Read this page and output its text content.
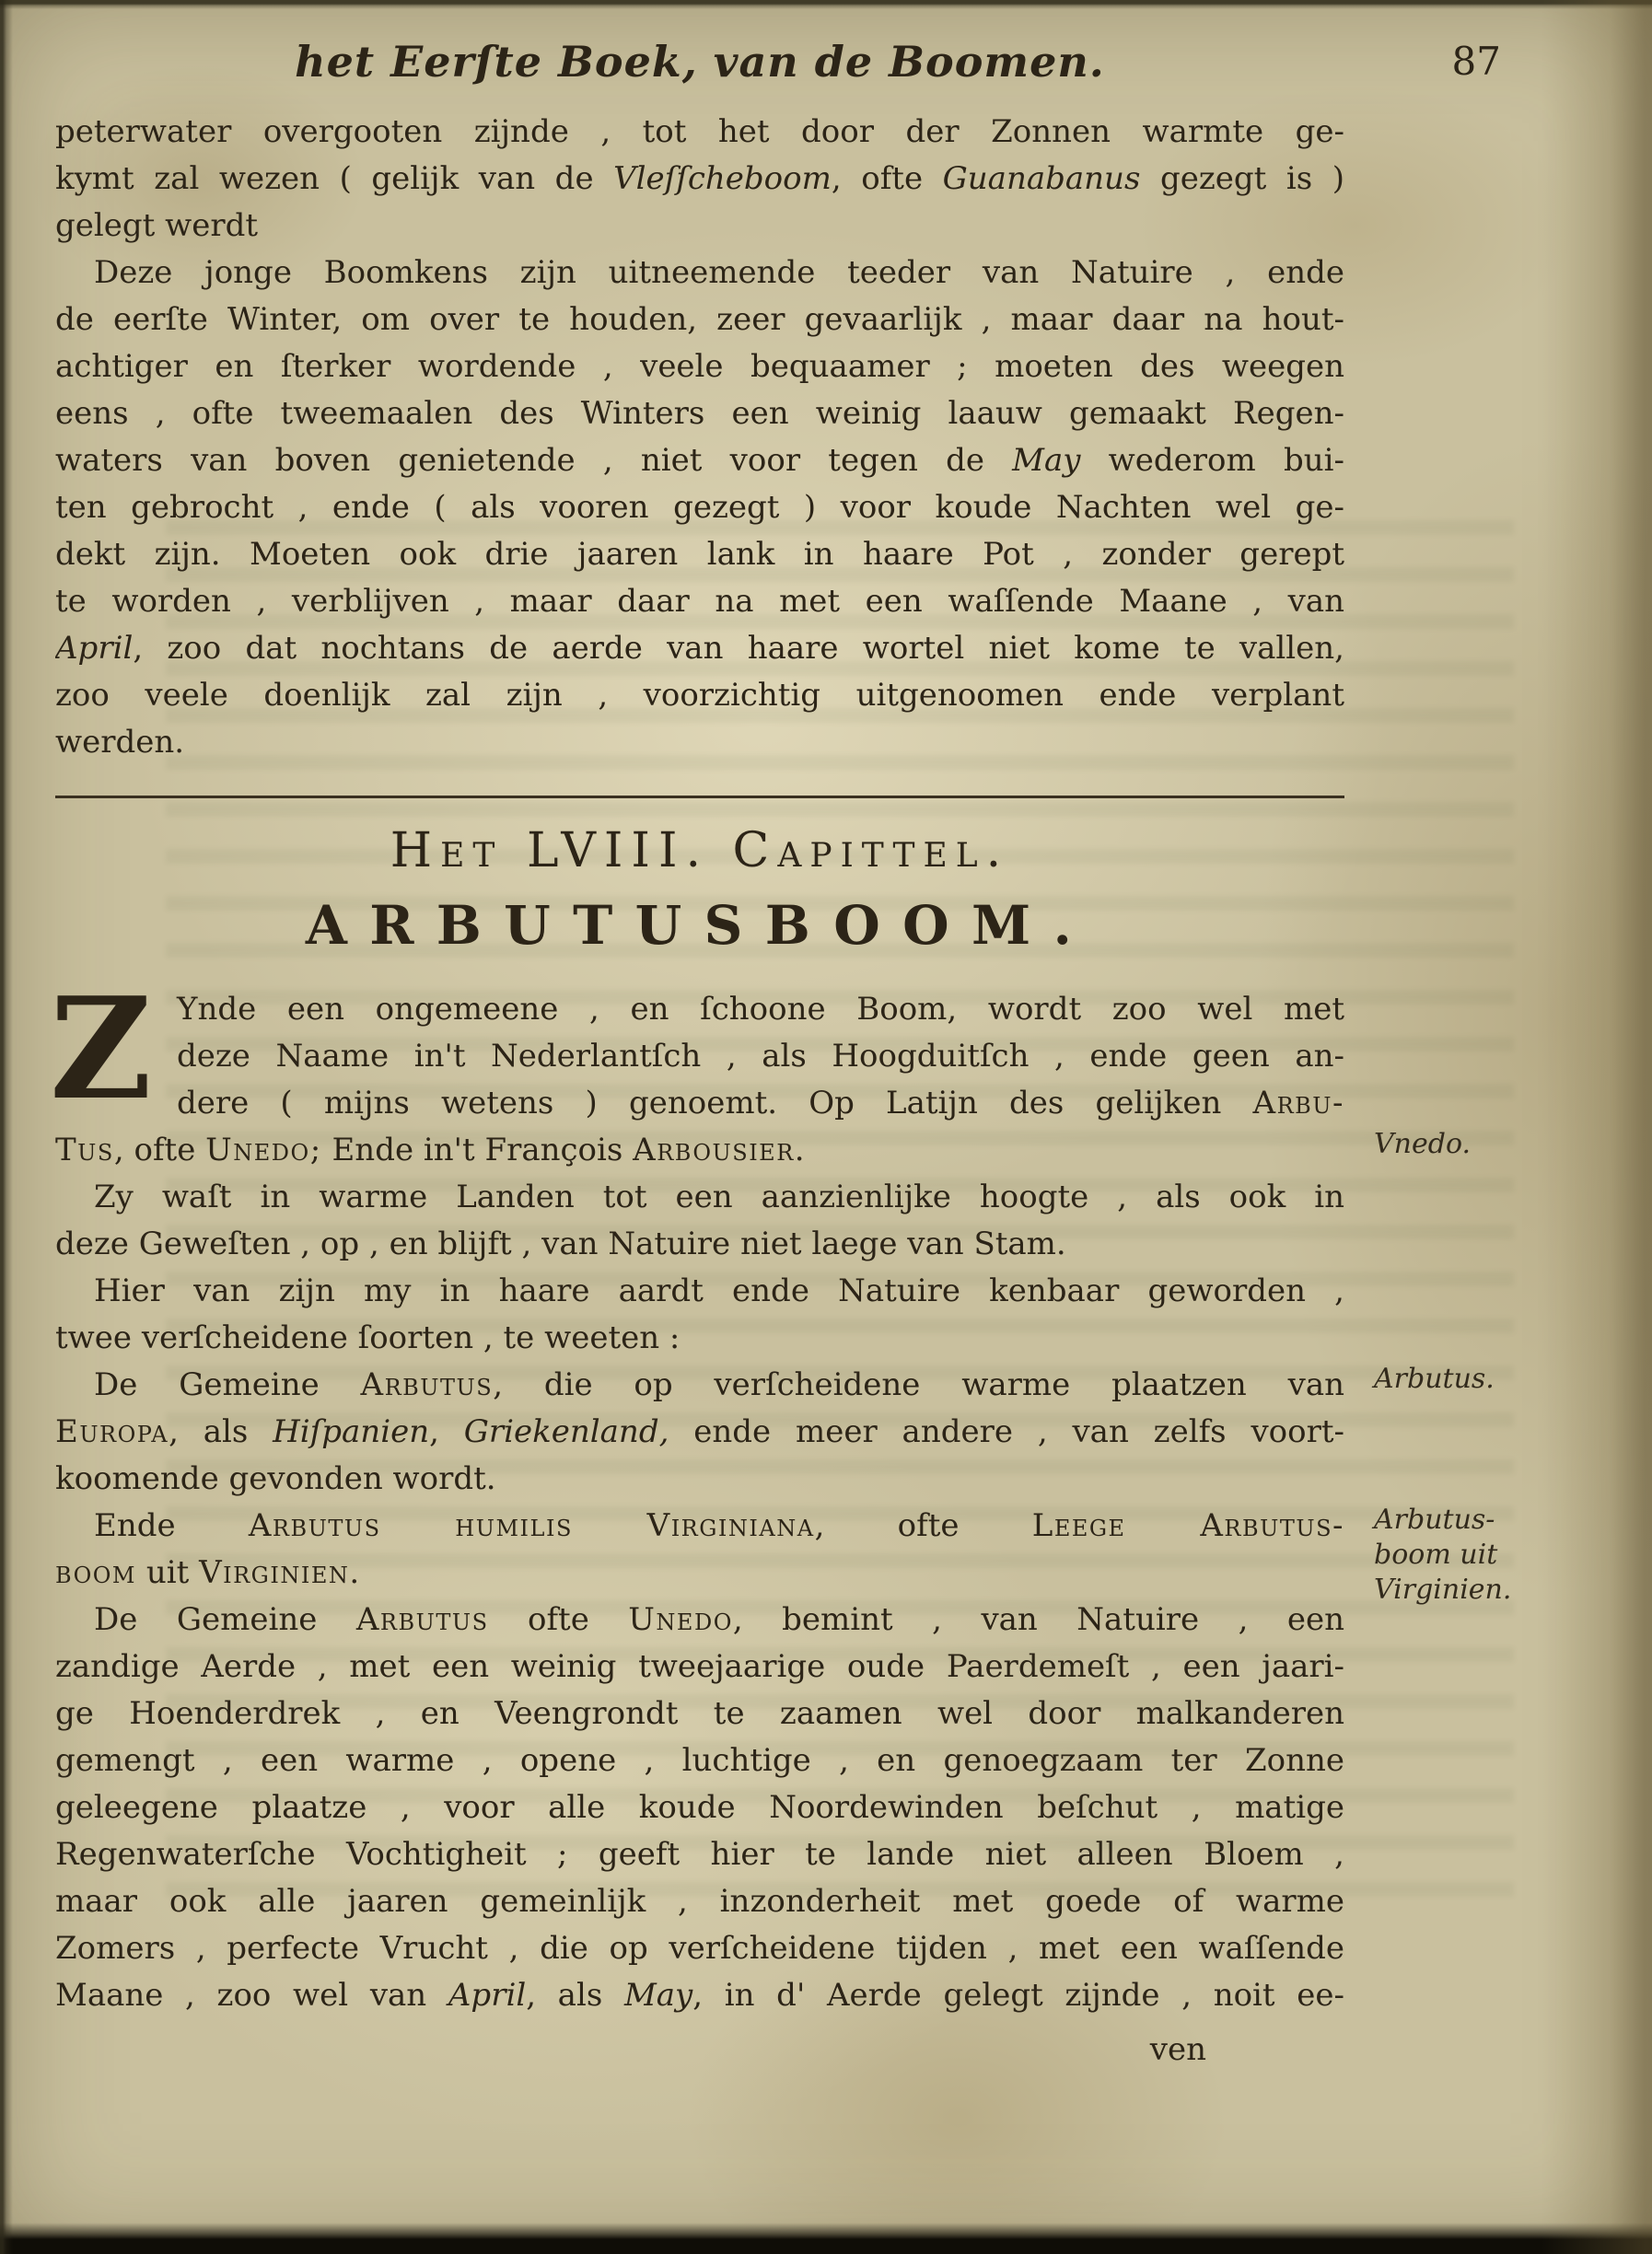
het Eerſte Boek, van de Boomen.	87
peterwater overgooten zijnde , tot het door der Zonnen warmte ge-
kymt zal wezen ( gelijk van de Vleſſcheboom, ofte Guanabanus gezegt is )
gelegt werdt
Deze jonge Boomkens zijn uitneemende teeder van Natuire , ende
de eerſte Winter, om over te houden, zeer gevaarlijk , maar daar na hout-
achtiger en ſterker wordende , veele bequaamer ; moeten des weegen
eens , ofte tweemaalen des Winters een weinig laauw gemaakt Regen-
waters van boven genietende , niet voor tegen de May wederom bui-
ten gebrocht , ende ( als vooren gezegt ) voor koude Nachten wel ge-
dekt zijn. Moeten ook drie jaaren lank in haare Pot , zonder gerept
te worden , verblijven , maar daar na met een waſſende Maane , van
April, zoo dat nochtans de aerde van haare wortel niet kome te vallen,
zoo veele doenlijk zal zijn , voorzichtig uitgenoomen ende verplant
werden.
Het LVIII. Capittel.
ARBUTUSBOOM.
Z Ynde een ongemeene , en ſchoone Boom, wordt zoo wel met
deze Naame in't Nederlantſch , als Hoogduitſch , ende geen an-
dere ( mijns wetens ) genoemt. Op Latijn des gelijken Arbu-
Tus, ofte Unedo; Ende in't François Arbousier.	Vnedo.
Zy waſt in warme Landen tot een aanzienlijke hoogte , als ook in
deze Geweſten , op , en blijft , van Natuire niet laege van Stam.
Hier van zijn my in haare aardt ende Natuire kenbaar geworden ,
twee verſcheidene ſoorten , te weeten :
De Gemeine Arbutus, die op verſcheidene warme plaatzen van
Europa, als Hiſpanien, Griekenland, ende meer andere , van zelfs voort-
koomende gevonden wordt.
Arbutus.
Ende Arbutus humilis Virginiana, ofte Leege Arbutus-
boom uit Virginien.
Arbutus-
boom uit
Virginien.
De Gemeine Arbutus ofte Unedo, bemint , van Natuire , een
zandige Aerde , met een weinig tweejaarige oude Paerdemeſt , een jaari-
ge Hoenderdrek , en Veengrondt te zaamen wel door malkanderen
gemengt , een warme , opene , luchtige , en genoegzaam ter Zonne
geleegene plaatze , voor alle koude Noordewinden beſchut , matige
Regenwaterſche Vochtigheit ; geeft hier te lande niet alleen Bloem ,
maar ook alle jaaren gemeinlijk , inzonderheit met goede of warme
Zomers , perfecte Vrucht , die op verſcheidene tijden , met een waſſende
Maane , zoo wel van April, als May, in d' Aerde gelegt zijnde , noit ee-
ven
